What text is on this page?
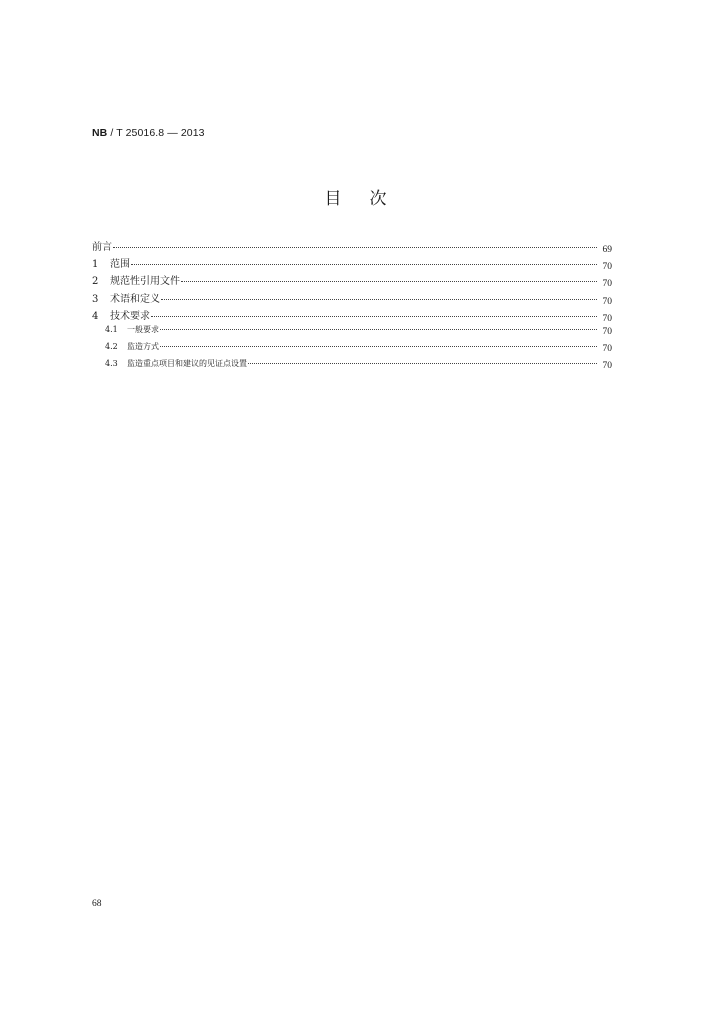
NB / T 25016.8 — 2013
目次
前言	69
1	范围	70
2	规范性引用文件	70
3	术语和定义	70
4	技术要求	70
4.1	一般要求	70
4.2	监造方式	70
4.3	监造重点项目和建议的见证点设置	70
68
